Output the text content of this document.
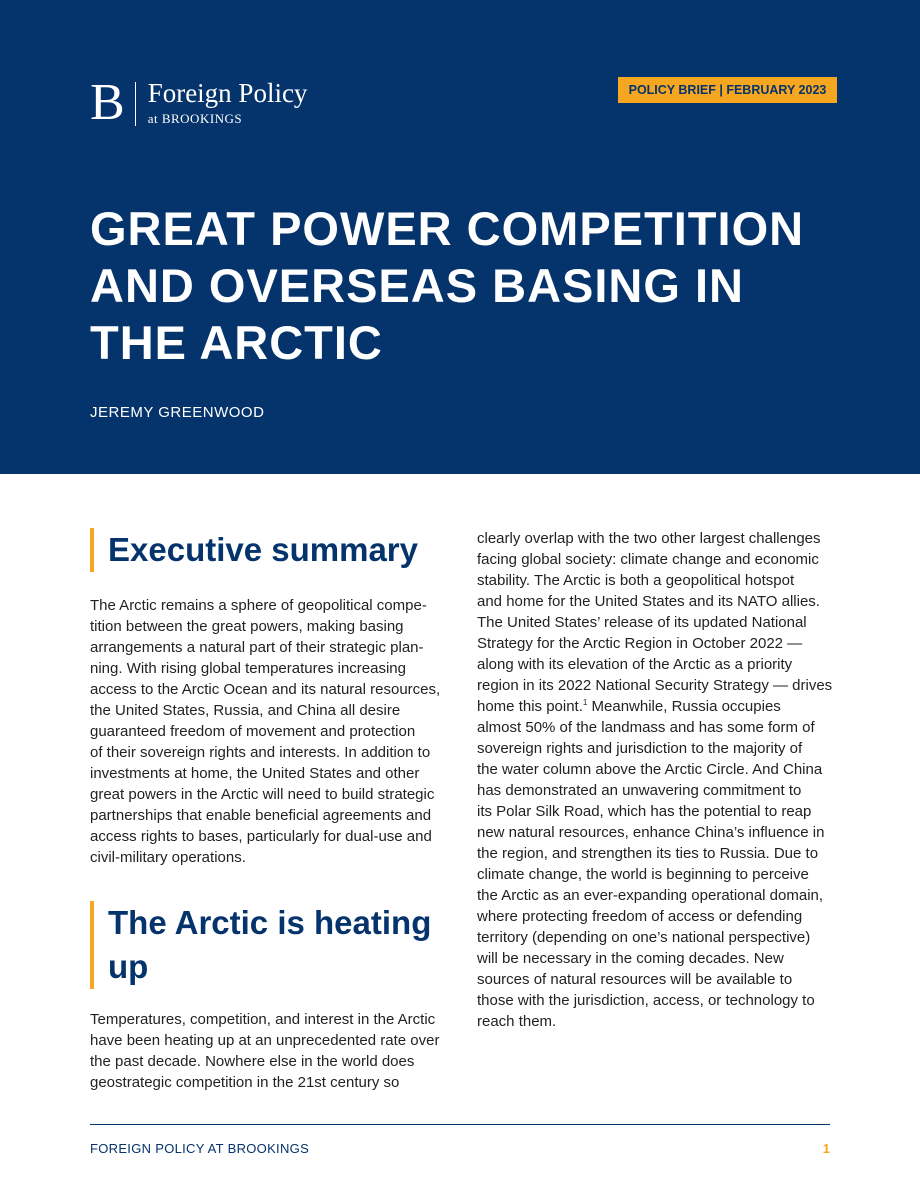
B Foreign Policy
at BROOKINGS
POLICY BRIEF | FEBRUARY 2023
GREAT POWER COMPETITION
AND OVERSEAS BASING IN
THE ARCTIC
JEREMY GREENWOOD
Executive summary

The Arctic remains a sphere of geopolitical compe-
tition between the great powers, making basing
arrangements a natural part of their strategic plan-
ning. With rising global temperatures increasing
access to the Arctic Ocean and its natural resources,
the United States, Russia, and China all desire
guaranteed freedom of movement and protection
of their sovereign rights and interests. In addition to
investments at home, the United States and other
great powers in the Arctic will need to build strategic
partnerships that enable beneficial agreements and
access rights to bases, particularly for dual-use and
civil-military operations.

The Arctic is heating
up

Temperatures, competition, and interest in the Arctic
have been heating up at an unprecedented rate over
the past decade. Nowhere else in the world does
geostrategic competition in the 21st century so

clearly overlap with the two other largest challenges
facing global society: climate change and economic
stability. The Arctic is both a geopolitical hotspot
and home for the United States and its NATO allies.
The United States’ release of its updated National
Strategy for the Arctic Region in October 2022 —
along with its elevation of the Arctic as a priority
region in its 2022 National Security Strategy — drives
home this point.$^1$ Meanwhile, Russia occupies
almost 50% of the landmass and has some form of
sovereign rights and jurisdiction to the majority of
the water column above the Arctic Circle. And China
has demonstrated an unwavering commitment to
its Polar Silk Road, which has the potential to reap
new natural resources, enhance China’s influence in
the region, and strengthen its ties to Russia. Due to
climate change, the world is beginning to perceive
the Arctic as an ever-expanding operational domain,
where protecting freedom of access or defending
territory (depending on one’s national perspective)
will be necessary in the coming decades. New
sources of natural resources will be available to
those with the jurisdiction, access, or technology to
reach them.

FOREIGN POLICY AT BROOKINGS	1
